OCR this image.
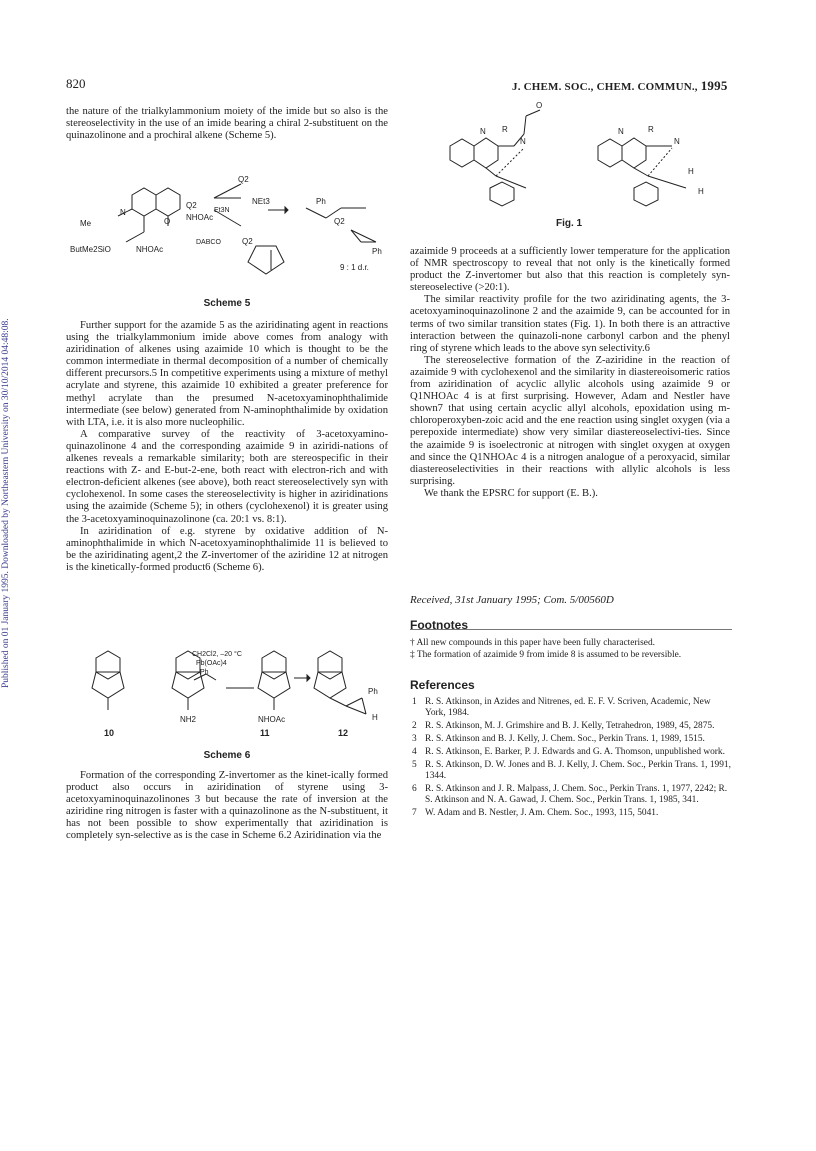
Published on 01 January 1995. Downloaded by Northeastern University on 30/10/2014 04:48:08.
820	J. CHEM. SOC., CHEM. COMMUN., 1995

the nature of the trialkylammonium moiety of the imide but so also is the stereoselectivity in the use of an imide bearing a chiral 2-substituent on the quinazolinone and a prochiral alkene (Scheme 5).

N
O
Me
ButMe2SiO	NHOAc
Q2
NHOAc
Et3N
Q2
NEt3
DABCO	Q2
Ph
Q2
Ph
9 : 1 d.r.
Scheme 5

Further support for the azamide 5 as the aziridinating agent in reactions using the trialkylammonium imide above comes from analogy with aziridination of alkenes using azaimide 10 which is thought to be the common intermediate in thermal decomposition of a number of chemically different precursors.5 In competitive experiments using a mixture of methyl acrylate and styrene, this azaimide 10 exhibited a greater preference for methyl acrylate than the presumed N-acetoxyaminophthalimide intermediate (see below) generated from N-aminophthalimide by oxidation with LTA, i.e. it is also more nucleophilic.

A comparative survey of the reactivity of 3-acetoxyamino-quinazolinone 4 and the corresponding azaimide 9 in aziridi-nations of alkenes reveals a remarkable similarity; both are stereospecific in their reactions with Z- and E-but-2-ene, both react with electron-rich and with electron-deficient alkenes (see above), both react stereoselectively syn with cyclohexenol. In some cases the stereoselectivity is higher in aziridinations using the azaimide (Scheme 5); in others (cyclohexenol) it is greater using the 3-acetoxyaminoquinazolinone (ca. 20:1 vs. 8:1).

In aziridination of e.g. styrene by oxidative addition of N-aminophthalimide in which N-acetoxyaminophthalimide 11 is believed to be the aziridinating agent,2 the Z-invertomer of the aziridine 12 at nitrogen is the kinetically-formed product6 (Scheme 6).

CH2Cl2, –20 °C
Pb(OAc)4
Ph
NH2	NHOAc
Ph
H
10	11	12
Scheme 6

Formation of the corresponding Z-invertomer as the kinet-ically formed product also occurs in aziridination of styrene using 3-acetoxyaminoquinazolinones 3 but because the rate of inversion at the aziridine ring nitrogen is faster with a quinazolinone as the N-substituent, it has not been possible to show experimentally that aziridination is completely syn-selective as is the case in Scheme 6.2 Aziridination via the

N R
N
O
N	R
N
H
H
Fig. 1

azaimide 9 proceeds at a sufficiently lower temperature for the application of NMR spectroscopy to reveal that not only is the kinetically formed product the Z-invertomer but also that this reaction is completely syn-stereoselective (>20:1).

The similar reactivity profile for the two aziridinating agents, the 3-acetoxyaminoquinazolinone 2 and the azaimide 9, can be accounted for in terms of two similar transition states (Fig. 1). In both there is an attractive interaction between the quinazoli-none carbonyl carbon and the phenyl ring of styrene which leads to the above syn selectivity.6

The stereoselective formation of the Z-aziridine in the reaction of azaimide 9 with cyclohexenol and the similarity in diastereoisomeric ratios from aziridination of acyclic allylic alcohols using azaimide 9 or Q1NHOAc 4 is at first surprising. However, Adam and Nestler have shown7 that using certain acyclic allyl alcohols, epoxidation using m-chloroperoxyben-zoic acid and the ene reaction using singlet oxygen (via a perepoxide intermediate) show very similar diastereoselectivi-ties. Since the azaimide 9 is isoelectronic at nitrogen with singlet oxygen at oxygen and since the Q1NHOAc 4 is a nitrogen analogue of a peroxyacid, similar diastereoselectivities in their reactions with allylic alcohols is less surprising.

We thank the EPSRC for support (E. B.).

Received, 31st January 1995; Com. 5/00560D
Footnotes
† All new compounds in this paper have been fully characterised.
‡ The formation of azaimide 9 from imide 8 is assumed to be reversible.
References
1 R. S. Atkinson, in Azides and Nitrenes, ed. E. F. V. Scriven, Academic, New York, 1984.
2 R. S. Atkinson, M. J. Grimshire and B. J. Kelly, Tetrahedron, 1989, 45, 2875.
3 R. S. Atkinson and B. J. Kelly, J. Chem. Soc., Perkin Trans. 1, 1989, 1515.
4 R. S. Atkinson, E. Barker, P. J. Edwards and G. A. Thomson, unpublished work.
5 R. S. Atkinson, D. W. Jones and B. J. Kelly, J. Chem. Soc., Perkin Trans. 1, 1991, 1344.
6 R. S. Atkinson and J. R. Malpass, J. Chem. Soc., Perkin Trans. 1, 1977, 2242; R. S. Atkinson and N. A. Gawad, J. Chem. Soc., Perkin Trans. 1, 1985, 341.
7 W. Adam and B. Nestler, J. Am. Chem. Soc., 1993, 115, 5041.
